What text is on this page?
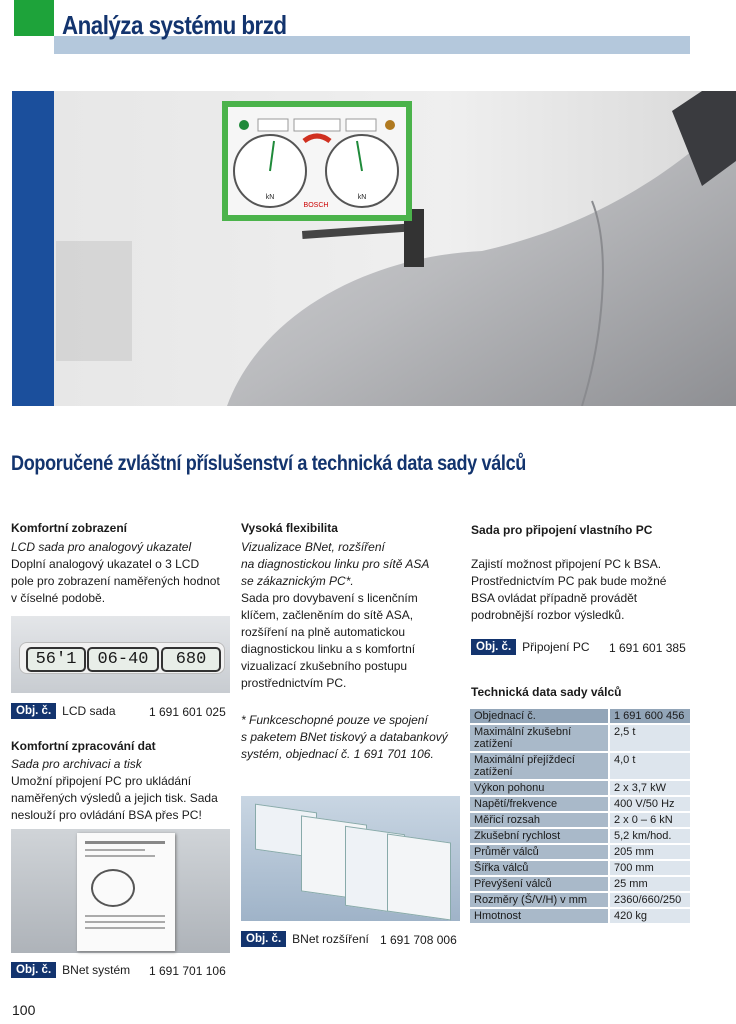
Analýza systému brzd
BOSCH
kN	kN
Doporučené zvláštní příslušenství a technická data sady válců
Komfortní zobrazení
LCD sada pro analogový ukazatel
Doplní analogový ukazatel o 3 LCD
pole pro zobrazení naměřených hodnot
v číselné podobě.
56'1	06-40	680
Obj. č. LCD sada	1 691 601 025
Komfortní zpracování dat
Sada pro archivaci a tisk
Umožní připojení PC pro ukládání
naměřených výsledů a jejich tisk. Sada
neslouží pro ovládání BSA přes PC!
Obj. č. BNet systém 1 691 701 106
Vysoká flexibilita
Vizualizace BNet, rozšíření
na diagnostickou linku pro sítě ASA
se zákaznickým PC*.
Sada pro dovybavení s licenčním
klíčem, začleněním do sítě ASA,
rozšíření na plně automatickou
diagnostickou linku a s komfortní
vizualizací zkušebního postupu
prostřednictvím PC.
* Funkceschopné pouze ve spojení
s paketem BNet tiskový a databankový
systém, objednací č. 1 691 701 106.
Obj. č. BNet rozšíření 1 691 708 006
Sada pro připojení vlastního PC
Zajistí možnost připojení PC k BSA.
Prostřednictvím PC pak bude možné
BSA ovládat případně provádět
podrobnější rozbor výsledků.
Obj. č. Připojení PC 1 691 601 385
Technická data sady válců
Objednací č.	1 691 600 456
Maximální zkušební zatížení	2,5 t
Maximální přejíždecí zatížení	4,0 t
Výkon pohonu	2 x 3,7 kW
Napětí/frekvence	400 V/50 Hz
Měřicí rozsah	2 x 0 – 6 kN
Zkušební rychlost	5,2 km/hod.
Průměr válců	205 mm
Šířka válců	700 mm
Převýšení válců	25 mm
Rozměry (Š/V/H) v mm	2360/660/250
Hmotnost	420 kg
100
